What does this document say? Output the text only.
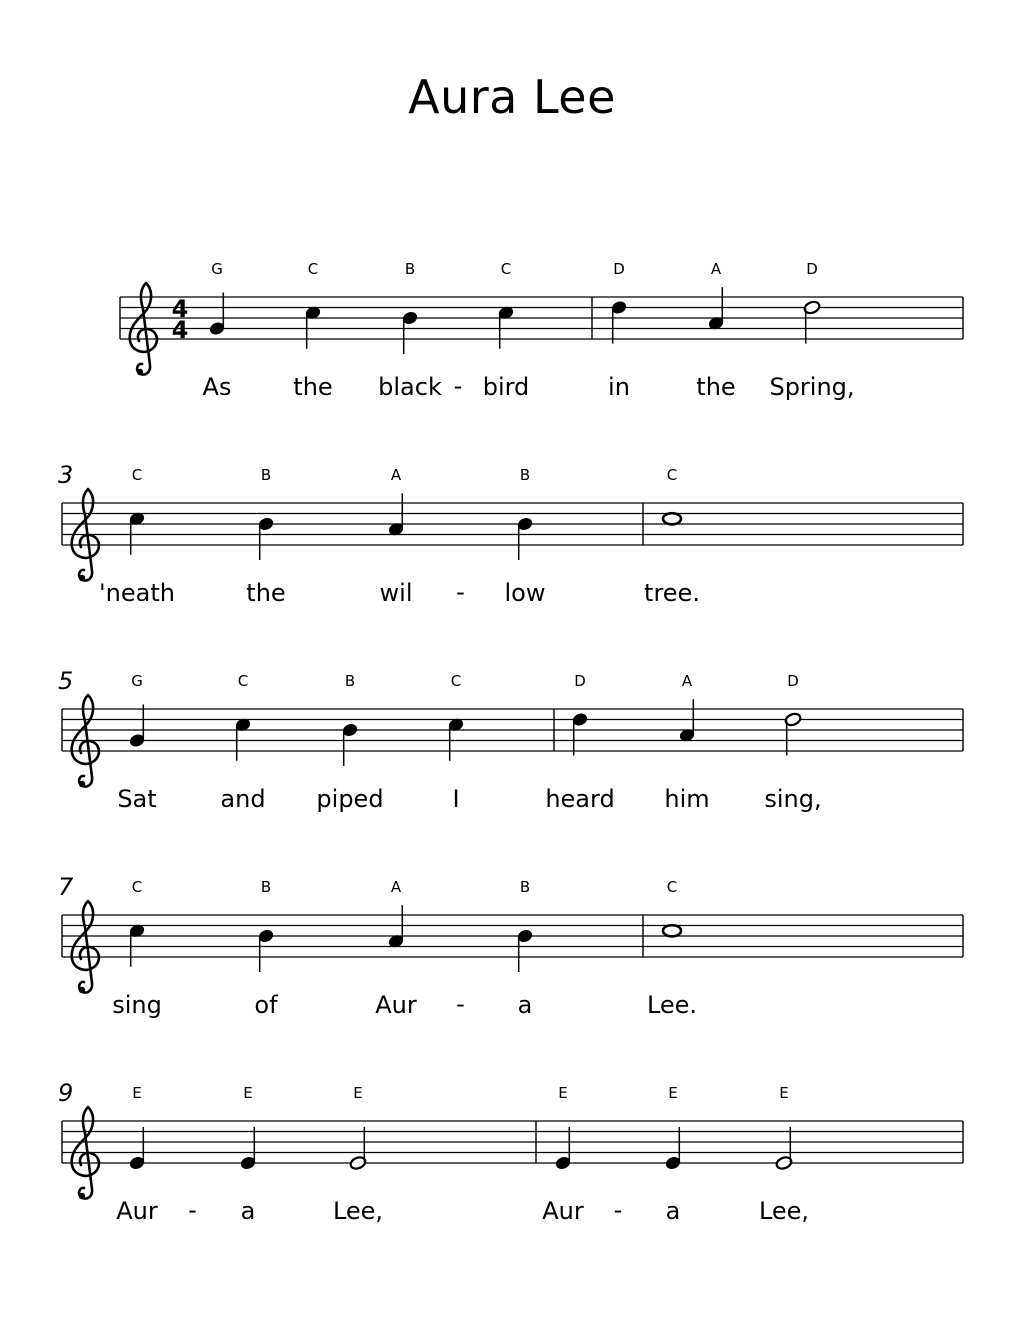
Aura Lee
4
4
G
As
C
the
B
black
C
bird
D
in
A
the
D
Spring,
-
3	C
'neath
B
the
A
wil
B
low
C
tree.
-
5	G
Sat
C
and
B
piped
C
I
D
heard
A
him
D
sing,
7	C
sing
B
of
A
Aur
B
a
C
Lee.
-
9	E
Aur
E
a
E
Lee,
E
Aur
E
a
E
Lee,
-	-
